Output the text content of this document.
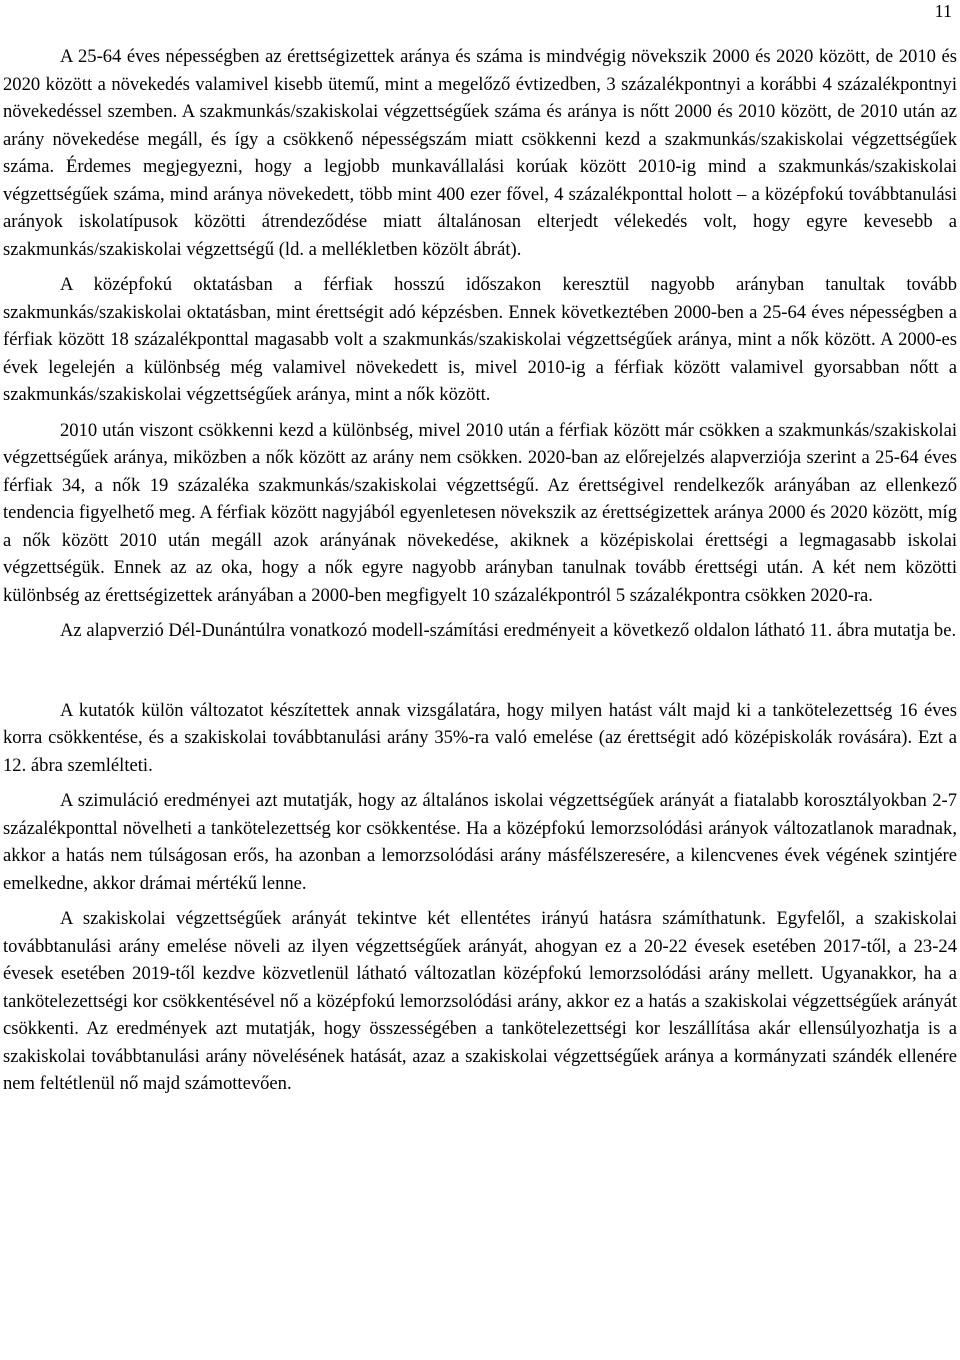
11

A 25-64 éves népességben az érettségizettek aránya és száma is mindvégig növekszik 2000 és 2020 között, de 2010 és 2020 között a növekedés valamivel kisebb ütemű, mint a megelőző évtizedben, 3 százalékpontnyi a korábbi 4 százalékpontnyi növekedéssel szemben. A szakmunkás/szakiskolai végzettségűek száma és aránya is nőtt 2000 és 2010 között, de 2010 után az arány növekedése megáll, és így a csökkenő népességszám miatt csökkenni kezd a szakmunkás/szakiskolai végzettségűek száma. Érdemes megjegyezni, hogy a legjobb munkavállalási korúak között 2010-ig mind a szakmunkás/szakiskolai végzettségűek száma, mind aránya növekedett, több mint 400 ezer fővel, 4 százalékponttal holott – a középfokú továbbtanulási arányok iskolatípusok közötti átrendeződése miatt általánosan elterjedt vélekedés volt, hogy egyre kevesebb a szakmunkás/szakiskolai végzettségű (ld. a mellékletben közölt ábrát).

A középfokú oktatásban a férfiak hosszú időszakon keresztül nagyobb arányban tanultak tovább szakmunkás/szakiskolai oktatásban, mint érettségit adó képzésben. Ennek következtében 2000-ben a 25-64 éves népességben a férfiak között 18 százalékponttal magasabb volt a szakmunkás/szakiskolai végzettségűek aránya, mint a nők között. A 2000-es évek legelején a különbség még valamivel növekedett is, mivel 2010-ig a férfiak között valamivel gyorsabban nőtt a szakmunkás/szakiskolai végzettségűek aránya, mint a nők között.

2010 után viszont csökkenni kezd a különbség, mivel 2010 után a férfiak között már csökken a szakmunkás/szakiskolai végzettségűek aránya, miközben a nők között az arány nem csökken. 2020-ban az előrejelzés alapverziója szerint a 25-64 éves férfiak 34, a nők 19 százaléka szakmunkás/szakiskolai végzettségű. Az érettségivel rendelkezők arányában az ellenkező tendencia figyelhető meg. A férfiak között nagyjából egyenletesen növekszik az érettségizettek aránya 2000 és 2020 között, míg a nők között 2010 után megáll azok arányának növekedése, akiknek a középiskolai érettségi a legmagasabb iskolai végzettségük. Ennek az az oka, hogy a nők egyre nagyobb arányban tanulnak tovább érettségi után. A két nem közötti különbség az érettségizettek arányában a 2000-ben megfigyelt 10 százalékpontról 5 százalékpontra csökken 2020-ra.

Az alapverzió Dél-Dunántúlra vonatkozó modell-számítási eredményeit a következő oldalon látható 11. ábra mutatja be.

A kutatók külön változatot készítettek annak vizsgálatára, hogy milyen hatást vált majd ki a tankötelezettség 16 éves korra csökkentése, és a szakiskolai továbbtanulási arány 35%-ra való emelése (az érettségit adó középiskolák rovására). Ezt a 12. ábra szemlélteti.

A szimuláció eredményei azt mutatják, hogy az általános iskolai végzettségűek arányát a fiatalabb korosztályokban 2-7 százalékponttal növelheti a tankötelezettség kor csökkentése. Ha a középfokú lemorzsolódási arányok változatlanok maradnak, akkor a hatás nem túlságosan erős, ha azonban a lemorzsolódási arány másfélszeresére, a kilencvenes évek végének szintjére emelkedne, akkor drámai mértékű lenne.

A szakiskolai végzettségűek arányát tekintve két ellentétes irányú hatásra számíthatunk. Egyfelől, a szakiskolai továbbtanulási arány emelése növeli az ilyen végzettségűek arányát, ahogyan ez a 20-22 évesek esetében 2017-től, a 23-24 évesek esetében 2019-től kezdve közvetlenül látható változatlan középfokú lemorzsolódási arány mellett. Ugyanakkor, ha a tankötelezettségi kor csökkentésével nő a középfokú lemorzsolódási arány, akkor ez a hatás a szakiskolai végzettségűek arányát csökkenti. Az eredmények azt mutatják, hogy összességében a tankötelezettségi kor leszállítása akár ellensúlyozhatja is a szakiskolai továbbtanulási arány növelésének hatását, azaz a szakiskolai végzettségűek aránya a kormányzati szándék ellenére nem feltétlenül nő majd számottevően.
